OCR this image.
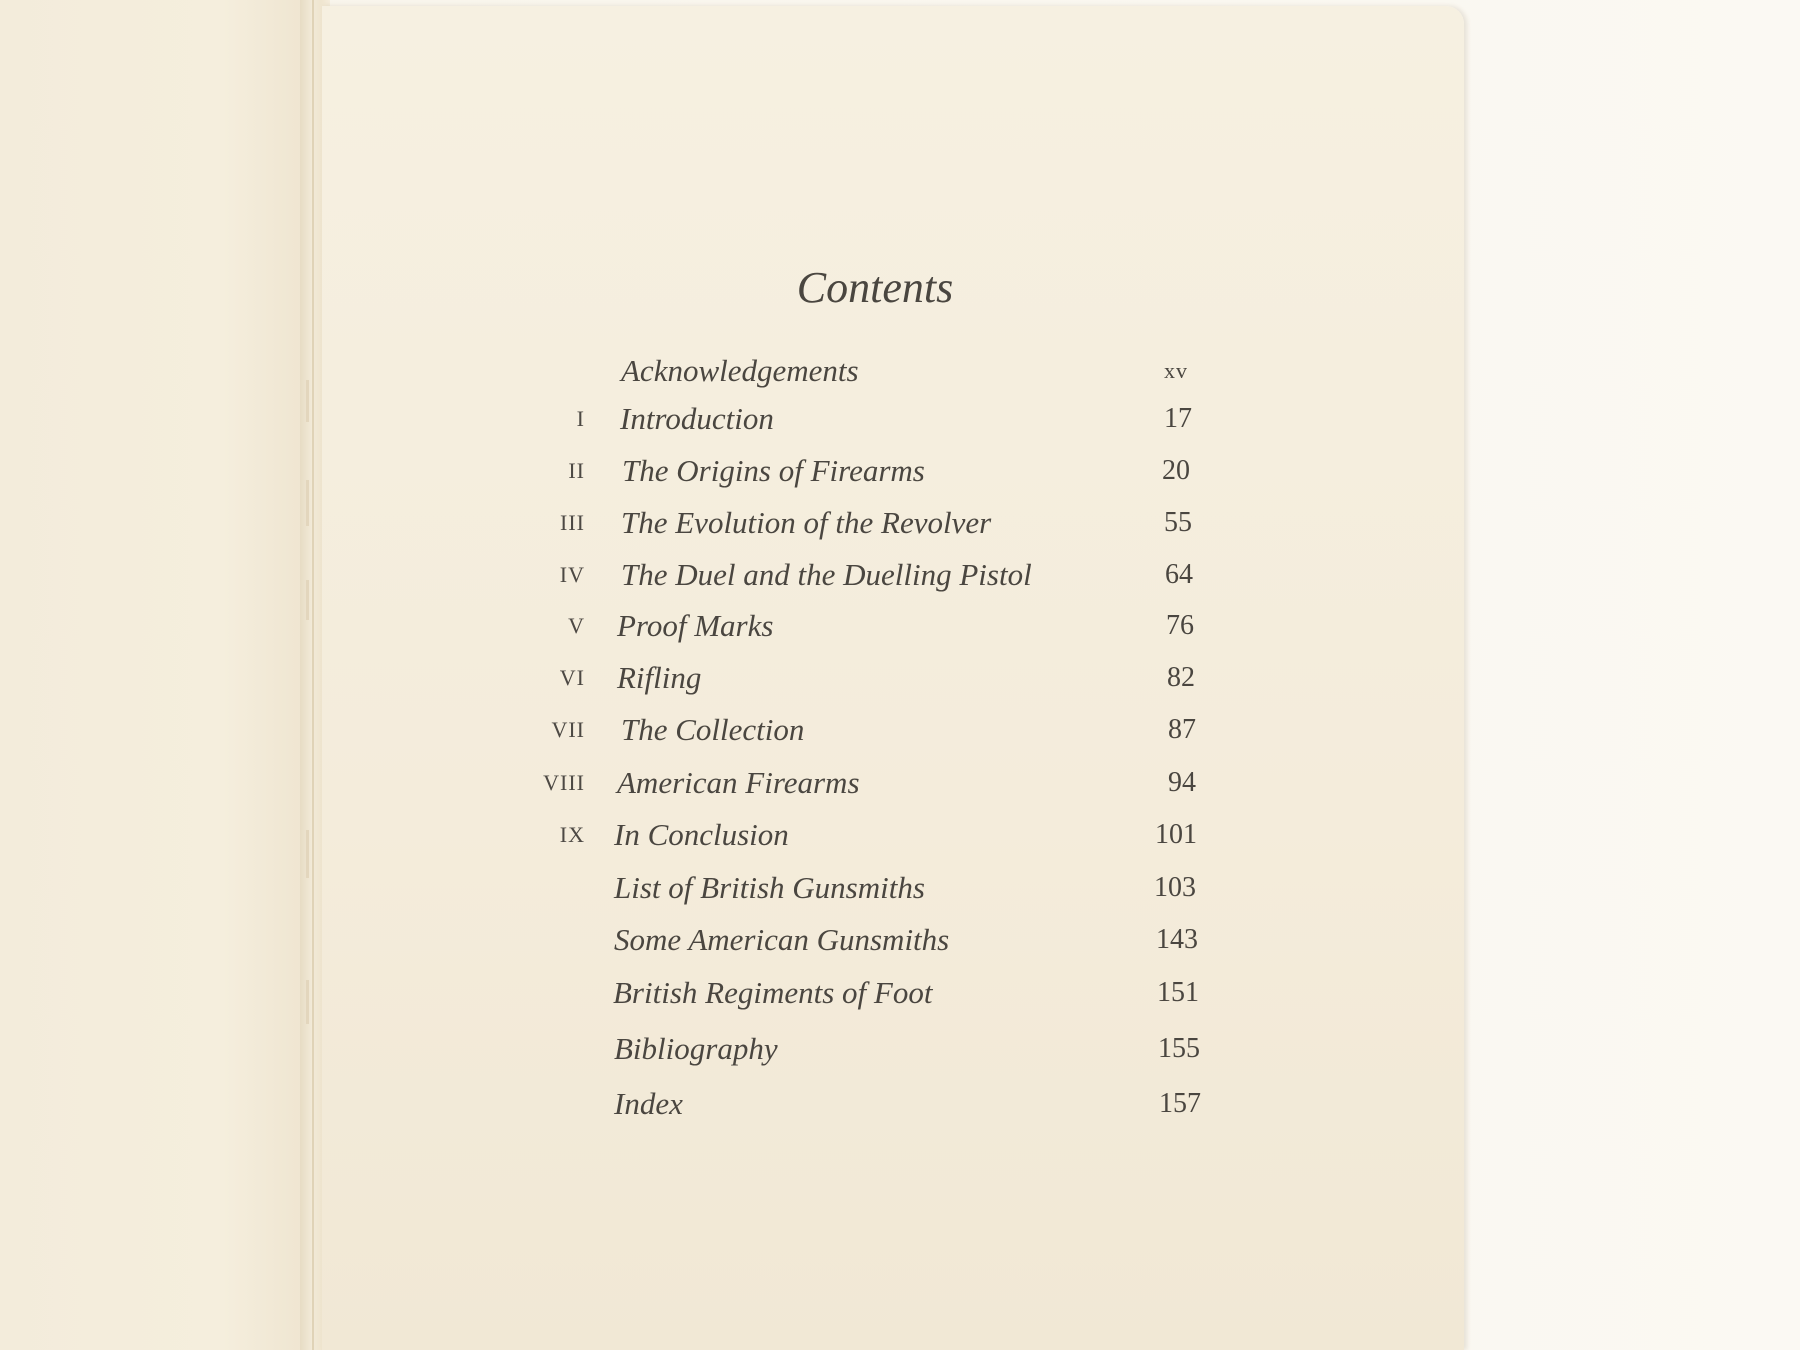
Contents
Acknowledgements	xv
I Introduction	17
II The Origins of Firearms	20
III The Evolution of the Revolver	55
IV The Duel and the Duelling Pistol	64
V Proof Marks	76
VI Rifling	82
VII The Collection	87
VIII American Firearms	94
IX In Conclusion	101
List of British Gunsmiths	103
Some American Gunsmiths	143
British Regiments of Foot	151
Bibliography	155
Index	157
